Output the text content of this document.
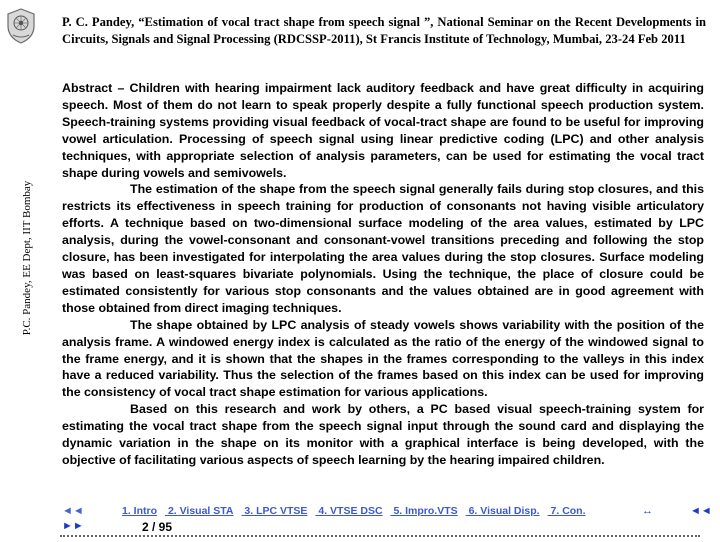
P.C. Pandey, EE Dept, IIT Bombay
P. C. Pandey, “Estimation of vocal tract shape from speech signal ”, National Seminar on the Recent Developments in Circuits, Signals and Signal Processing (RDCSSP-2011), St Francis Institute of Technology, Mumbai, 23-24 Feb 2011

Abstract – Children with hearing impairment lack auditory feedback and have great difficulty in acquiring speech. Most of them do not learn to speak properly despite a fully functional speech production system. Speech-training systems providing visual feedback of vocal-tract shape are found to be useful for improving vowel articulation. Processing of speech signal using linear predictive coding (LPC) and other analysis techniques, with appropriate selection of analysis parameters, can be used for estimating the vocal tract shape during vowels and semivowels.

The estimation of the shape from the speech signal generally fails during stop closures, and this restricts its effectiveness in speech training for production of consonants not having visible articulatory efforts. A technique based on two-dimensional surface modeling of the area values, estimated by LPC analysis, during the vowel-consonant and consonant-vowel transitions preceding and following the stop closure, has been investigated for interpolating the area values during the stop closures. Surface modeling was based on least-squares bivariate polynomials. Using the technique, the place of closure could be estimated consistently for various stop consonants and the values obtained are in good agreement with those obtained from direct imaging techniques.

The shape obtained by LPC analysis of steady vowels shows variability with the position of the analysis frame. A windowed energy index is calculated as the ratio of the energy of the windowed signal to the frame energy, and it is shown that the shapes in the frames corresponding to the valleys in this index have a reduced variability. Thus the selection of the frames based on this index can be used for improving the consistency of vocal tract shape estimation for various applications.

Based on this research and work by others, a PC based visual speech-training system for estimating the vocal tract shape from the speech signal input through the sound card and displaying the dynamic variation in the shape on its monitor with a graphical interface is being developed, with the objective of facilitating various aspects of speech learning by the hearing impaired children.

◄◄	1. Intro 2. Visual STA 3. LPC VTSE 4. VTSE DSC 5. Impro.VTS 6. Visual Disp. 7. Con.	↔	◄◄
►►	2 / 95
